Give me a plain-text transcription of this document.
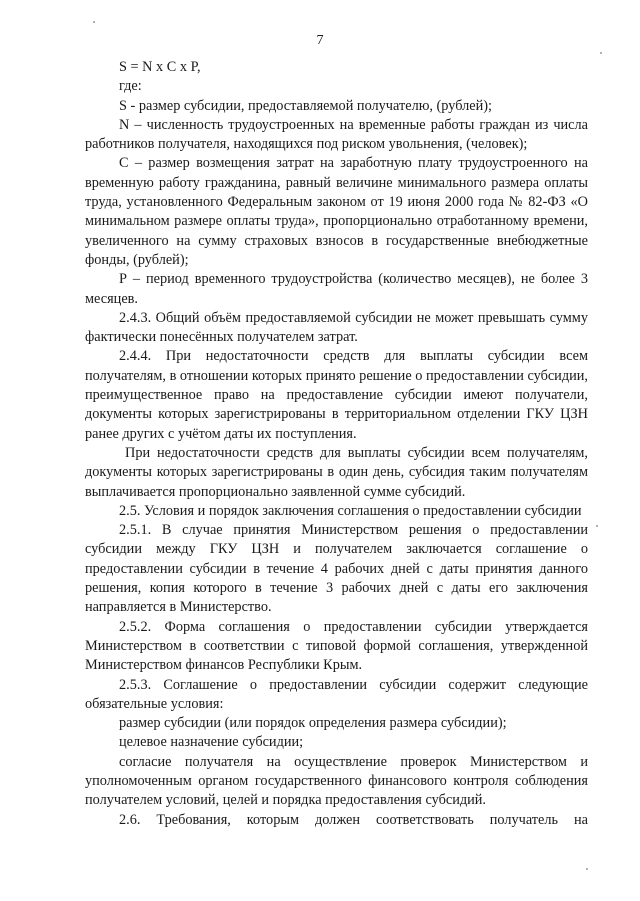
7

S = N x C x P,

где:

S - размер субсидии, предоставляемой получателю, (рублей);

N – численность трудоустроенных на временные работы граждан из числа работников получателя, находящихся под риском увольнения, (человек);

С – размер возмещения затрат на заработную плату трудоустроенного на временную работу гражданина, равный величине минимального размера оплаты труда, установленного Федеральным законом от 19 июня 2000 года № 82-ФЗ «О минимальном размере оплаты труда», пропорционально отработанному времени, увеличенного на сумму страховых взносов в государственные внебюджетные фонды, (рублей);

Р – период временного трудоустройства (количество месяцев), не более 3 месяцев.

2.4.3. Общий объём предоставляемой субсидии не может превышать сумму фактически понесённых получателем затрат.

2.4.4. При недостаточности средств для выплаты субсидии всем получателям, в отношении которых принято решение о предоставлении субсидии, преимущественное право на предоставление субсидии имеют получатели, документы которых зарегистрированы в территориальном отделении ГКУ ЦЗН ранее других с учётом даты их поступления.

При недостаточности средств для выплаты субсидии всем получателям, документы которых зарегистрированы в один день, субсидия таким получателям выплачивается пропорционально заявленной сумме субсидий.

2.5. Условия и порядок заключения соглашения о предоставлении субсидии

2.5.1. В случае принятия Министерством решения о предоставлении субсидии между ГКУ ЦЗН и получателем заключается соглашение о предоставлении субсидии в течение 4 рабочих дней с даты принятия данного решения, копия которого в течение 3 рабочих дней с даты его заключения направляется в Министерство.

2.5.2. Форма соглашения о предоставлении субсидии утверждается Министерством в соответствии с типовой формой соглашения, утвержденной Министерством финансов Республики Крым.

2.5.3. Соглашение о предоставлении субсидии содержит следующие обязательные условия:

размер субсидии (или порядок определения размера субсидии);

целевое назначение субсидии;

согласие получателя на осуществление проверок Министерством и уполномоченным органом государственного финансового контроля соблюдения получателем условий, целей и порядка предоставления субсидий.

2.6. Требования, которым должен соответствовать получатель на
